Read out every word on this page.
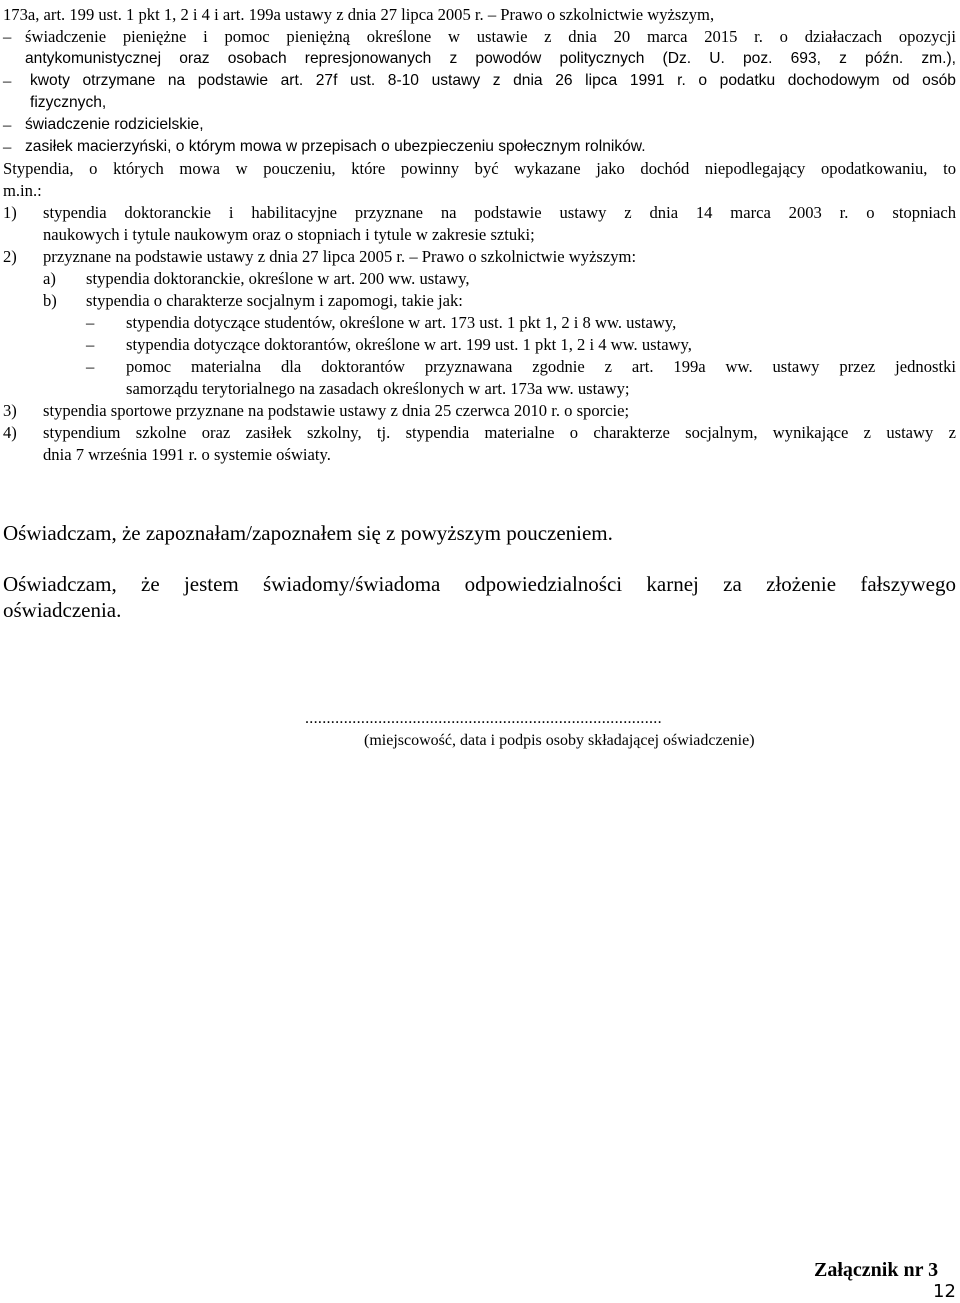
173a, art. 199 ust. 1 pkt 1, 2 i 4 i art. 199a ustawy z dnia 27 lipca 2005 r. – Prawo o szkolnictwie wyższym,
– świadczenie pieniężne i pomoc pieniężną określone w ustawie z dnia 20 marca 2015 r. o działaczach opozycji
antykomunistycznej oraz osobach represjonowanych z powodów politycznych (Dz. U. poz. 693, z późn. zm.),
– kwoty otrzymane na podstawie art. 27f ust. 8-10 ustawy z dnia 26 lipca 1991 r. o podatku dochodowym od osób
fizycznych,
– świadczenie rodzicielskie,
– zasiłek macierzyński, o którym mowa w przepisach o ubezpieczeniu społecznym rolników.
Stypendia, o których mowa w pouczeniu, które powinny być wykazane jako dochód niepodlegający opodatkowaniu, to
m.in.:
1) stypendia doktoranckie i habilitacyjne przyznane na podstawie ustawy z dnia 14 marca 2003 r. o stopniach
naukowych i tytule naukowym oraz o stopniach i tytule w zakresie sztuki;
2) przyznane na podstawie ustawy z dnia 27 lipca 2005 r. – Prawo o szkolnictwie wyższym:
a) stypendia doktoranckie, określone w art. 200 ww. ustawy,
b) stypendia o charakterze socjalnym i zapomogi, takie jak:
– stypendia dotyczące studentów, określone w art. 173 ust. 1 pkt 1, 2 i 8 ww. ustawy,
– stypendia dotyczące doktorantów, określone w art. 199 ust. 1 pkt 1, 2 i 4 ww. ustawy,
– pomoc materialna dla doktorantów przyznawana zgodnie z art. 199a ww. ustawy przez jednostki
samorządu terytorialnego na zasadach określonych w art. 173a ww. ustawy;
3) stypendia sportowe przyznane na podstawie ustawy z dnia 25 czerwca 2010 r. o sporcie;
4) stypendium szkolne oraz zasiłek szkolny, tj. stypendia materialne o charakterze socjalnym, wynikające z ustawy z
dnia 7 września 1991 r. o systemie oświaty.
Oświadczam, że zapoznałam/zapoznałem się z powyższym pouczeniem.
Oświadczam, że jestem świadomy/świadoma odpowiedzialności karnej za złożenie fałszywego
oświadczenia.
...................................................................................
(miejscowość, data i podpis osoby składającej oświadczenie)
Załącznik nr 3
12
